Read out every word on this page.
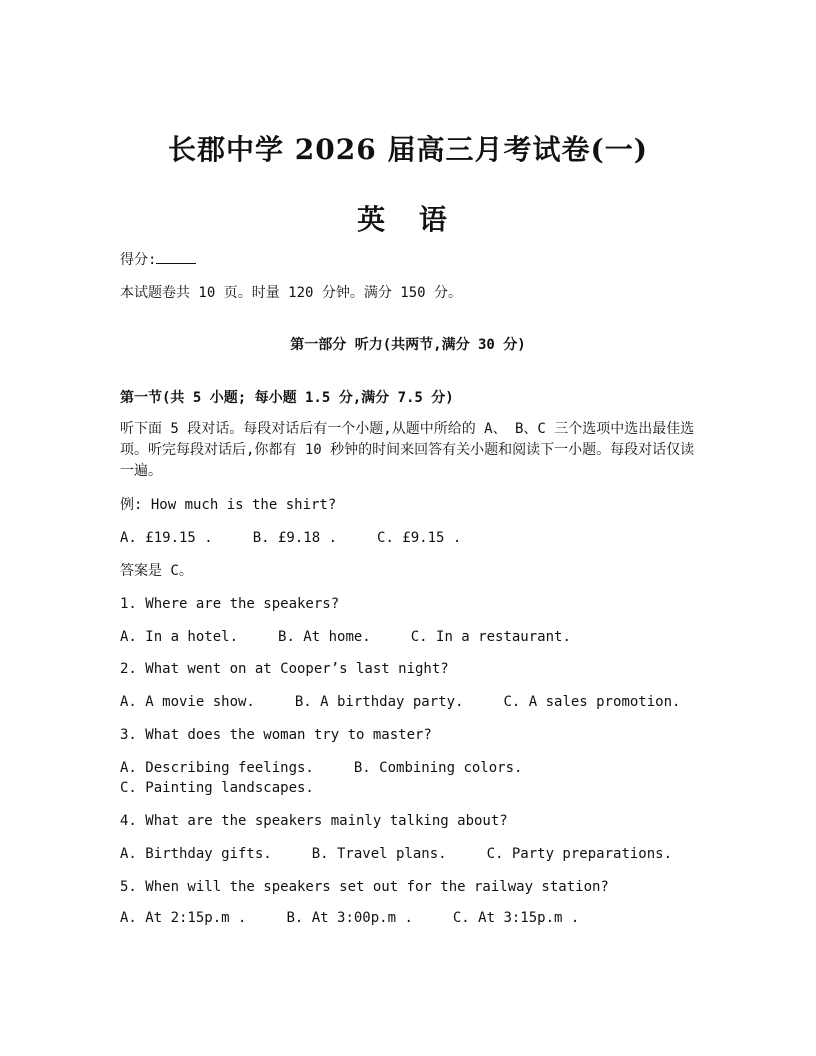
长郡中学 2026 届高三月考试卷(一)
英 语
得分:
本试题卷共 10 页。时量 120 分钟。满分 150 分。
第一部分 听力(共两节,满分 30 分)
第一节(共 5 小题; 每小题 1.5 分,满分 7.5 分)
听下面 5 段对话。每段对话后有一个小题,从题中所给的 A、 B、C 三个选项中选出最佳选项。听完每段对话后,你都有 10 秒钟的时间来回答有关小题和阅读下一小题。每段对话仅读一遍。
例: How much is the shirt?
A. £19.15 .	B. £9.18 .	C. £9.15 .
答案是 C。
1. Where are the speakers?
A. In a hotel.	B. At home.	C. In a restaurant.
2. What went on at Cooper’s last night?
A. A movie show.	B. A birthday party.	C. A sales promotion.
3. What does the woman try to master?
A. Describing feelings.	B. Combining colors.C. Painting landscapes.
4. What are the speakers mainly talking about?
A. Birthday gifts.	B. Travel plans.	C. Party preparations.
5. When will the speakers set out for the railway station?
A. At 2:15p.m .	B. At 3:00p.m .	C. At 3:15p.m .
